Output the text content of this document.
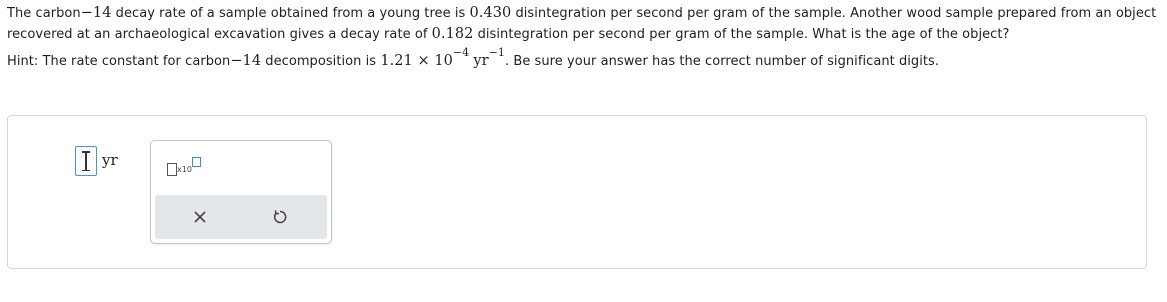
The carbon−14 decay rate of a sample obtained from a young tree is 0.430 disintegration per second per gram of the sample. Another wood sample prepared from an object recovered at an archaeological excavation gives a decay rate of 0.182 disintegration per second per gram of the sample. What is the age of the object?

Hint: The rate constant for carbon−14 decomposition is $1.21 \times 10^{-4}$ $yr^{-1}$. Be sure your answer has the correct number of significant digits.

yr
x10
